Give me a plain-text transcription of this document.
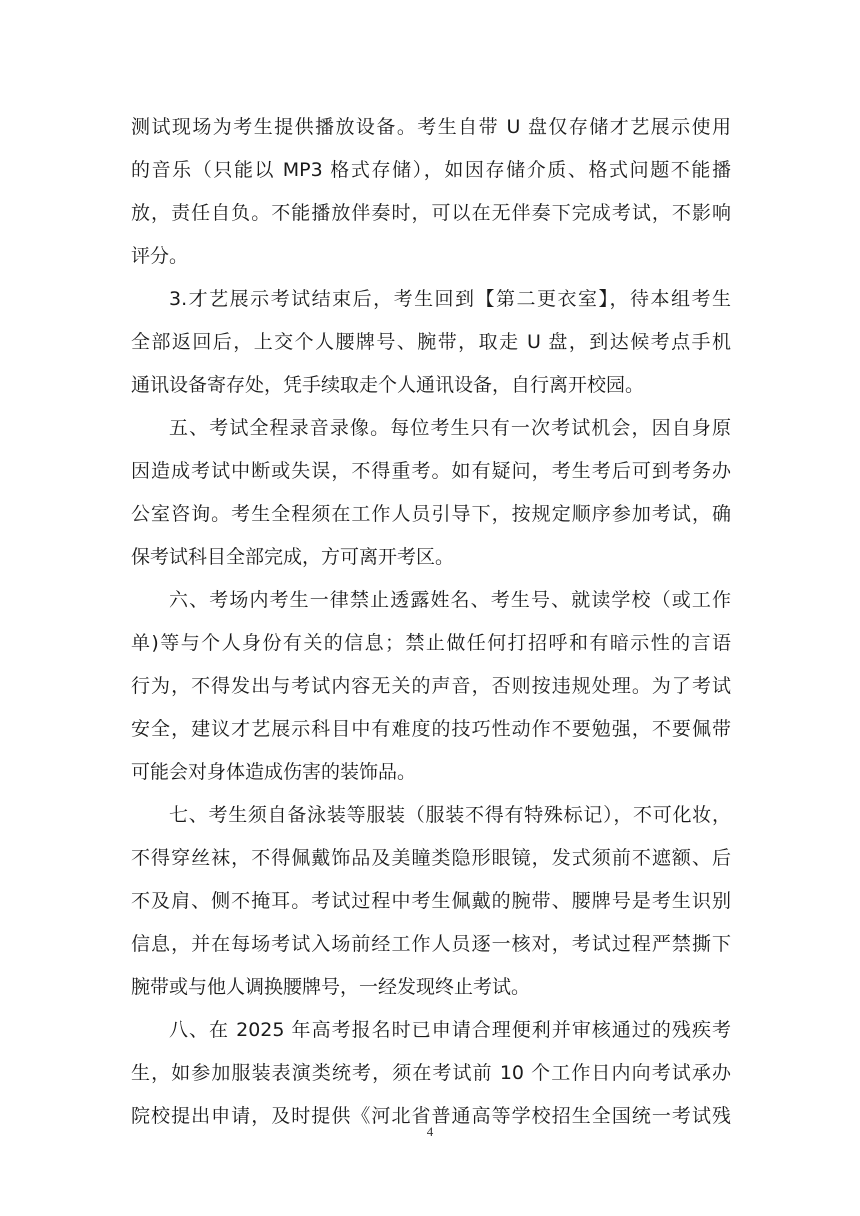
测试现场为考生提供播放设备。考生自带 U 盘仅存储才艺展示使用
的音乐（只能以 MP3 格式存储），如因存储介质、格式问题不能播
放，责任自负。不能播放伴奏时，可以在无伴奏下完成考试，不影响
评分。
3.才艺展示考试结束后，考生回到【第二更衣室】，待本组考生
全部返回后，上交个人腰牌号、腕带，取走 U 盘，到达候考点手机
通讯设备寄存处，凭手续取走个人通讯设备，自行离开校园。
五、考试全程录音录像。每位考生只有一次考试机会，因自身原
因造成考试中断或失误，不得重考。如有疑问，考生考后可到考务办
公室咨询。考生全程须在工作人员引导下，按规定顺序参加考试，确
保考试科目全部完成，方可离开考区。
六、考场内考生一律禁止透露姓名、考生号、就读学校（或工作
单)等与个人身份有关的信息；禁止做任何打招呼和有暗示性的言语
行为，不得发出与考试内容无关的声音，否则按违规处理。为了考试
安全，建议才艺展示科目中有难度的技巧性动作不要勉强，不要佩带
可能会对身体造成伤害的装饰品。
七、考生须自备泳装等服装（服装不得有特殊标记），不可化妆，
不得穿丝袜，不得佩戴饰品及美瞳类隐形眼镜，发式须前不遮额、后
不及肩、侧不掩耳。考试过程中考生佩戴的腕带、腰牌号是考生识别
信息，并在每场考试入场前经工作人员逐一核对，考试过程严禁撕下
腕带或与他人调换腰牌号，一经发现终止考试。
八、在 2025 年高考报名时已申请合理便利并审核通过的残疾考
生，如参加服装表演类统考，须在考试前 10 个工作日内向考试承办
院校提出申请，及时提供《河北省普通高等学校招生全国统一考试残
4
